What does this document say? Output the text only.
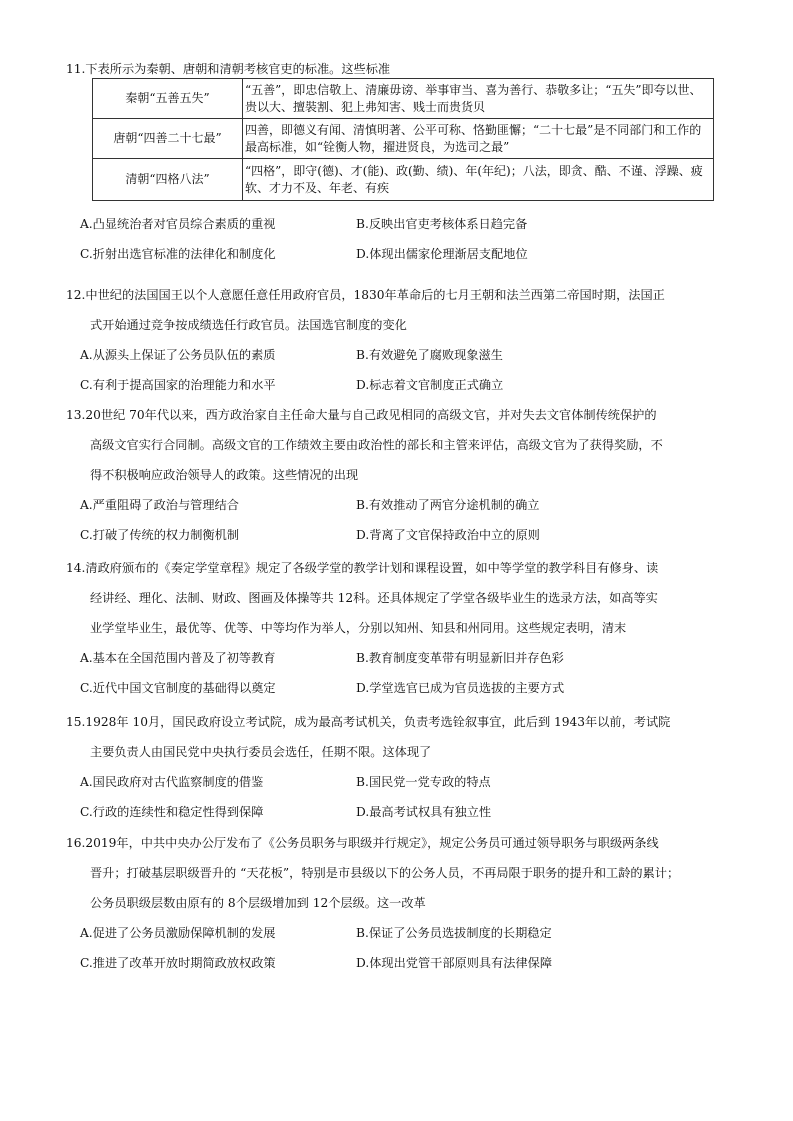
11.下表所示为秦朝、唐朝和清朝考核官吏的标准。这些标准
秦朝“五善五失”	“五善”，即忠信敬上、清廉毋谤、举事审当、喜为善行、恭敬多让；“五失”即夸以世、贵以大、擅裝割、犯上弗知害、贱士而贵货贝
唐朝“四善二十七最”	四善，即德义有闻、清慎明著、公平可称、恪勤匪懈；“二十七最”是不同部门和工作的最高标准，如“铨衡人物，擢进贤良，为选司之最”
清朝“四格八法”	“四格”，即守(德)、才(能)、政(勤、绩)、年(年纪)；八法，即贪、酷、不谨、浮躁、疲软、才力不及、年老、有疾
A.凸显统治者对官员综合素质的重视	B.反映出官吏考核体系日趋完备
C.折射出选官标准的法律化和制度化	D.体现出儒家伦理渐居支配地位
12.中世纪的法国国王以个人意愿任意任用政府官员，1830年革命后的七月王朝和法兰西第二帝国时期，法国正
式开始通过竞争按成绩选任行政官员。法国选官制度的变化
A.从源头上保证了公务员队伍的素质	B.有效避免了腐败现象滋生
C.有利于提高国家的治理能力和水平	D.标志着文官制度正式确立
13.20世纪 70年代以来，西方政治家自主任命大量与自己政见相同的高级文官，并对失去文官体制传统保护的
高级文官实行合同制。高级文官的工作绩效主要由政治性的部长和主管来评估，高级文官为了获得奖励，不
得不积极响应政治领导人的政策。这些情况的出现
A.严重阻碍了政治与管理结合	B.有效推动了两官分途机制的确立
C.打破了传统的权力制衡机制	D.背离了文官保持政治中立的原则
14.清政府颁布的《奏定学堂章程》规定了各级学堂的教学计划和课程设置，如中等学堂的教学科目有修身、读
经讲经、理化、法制、财政、图画及体操等共 12科。还具体规定了学堂各级毕业生的选录方法，如高等实
业学堂毕业生，最优等、优等、中等均作为举人，分别以知州、知县和州同用。这些规定表明，清末
A.基本在全国范围内普及了初等教育	B.教育制度变革带有明显新旧并存色彩
C.近代中国文官制度的基础得以奠定	D.学堂选官已成为官员选拔的主要方式
15.1928年 10月，国民政府设立考试院，成为最高考试机关，负责考选铨叙事宜，此后到 1943年以前，考试院
主要负责人由国民党中央执行委员会选任，任期不限。这体现了
A.国民政府对古代监察制度的借鉴	B.国民党一党专政的特点
C.行政的连续性和稳定性得到保障	D.最高考试权具有独立性
16.2019年，中共中央办公厅发布了《公务员职务与职级并行规定》，规定公务员可通过领导职务与职级两条线
晋升；打破基层职级晋升的 “天花板”，特别是市县级以下的公务人员，不再局限于职务的提升和工龄的累计；
公务员职级层数由原有的 8个层级增加到 12个层级。这一改革
A.促进了公务员激励保障机制的发展	B.保证了公务员选拔制度的长期稳定
C.推进了改革开放时期简政放权政策	D.体现出党管干部原则具有法律保障
